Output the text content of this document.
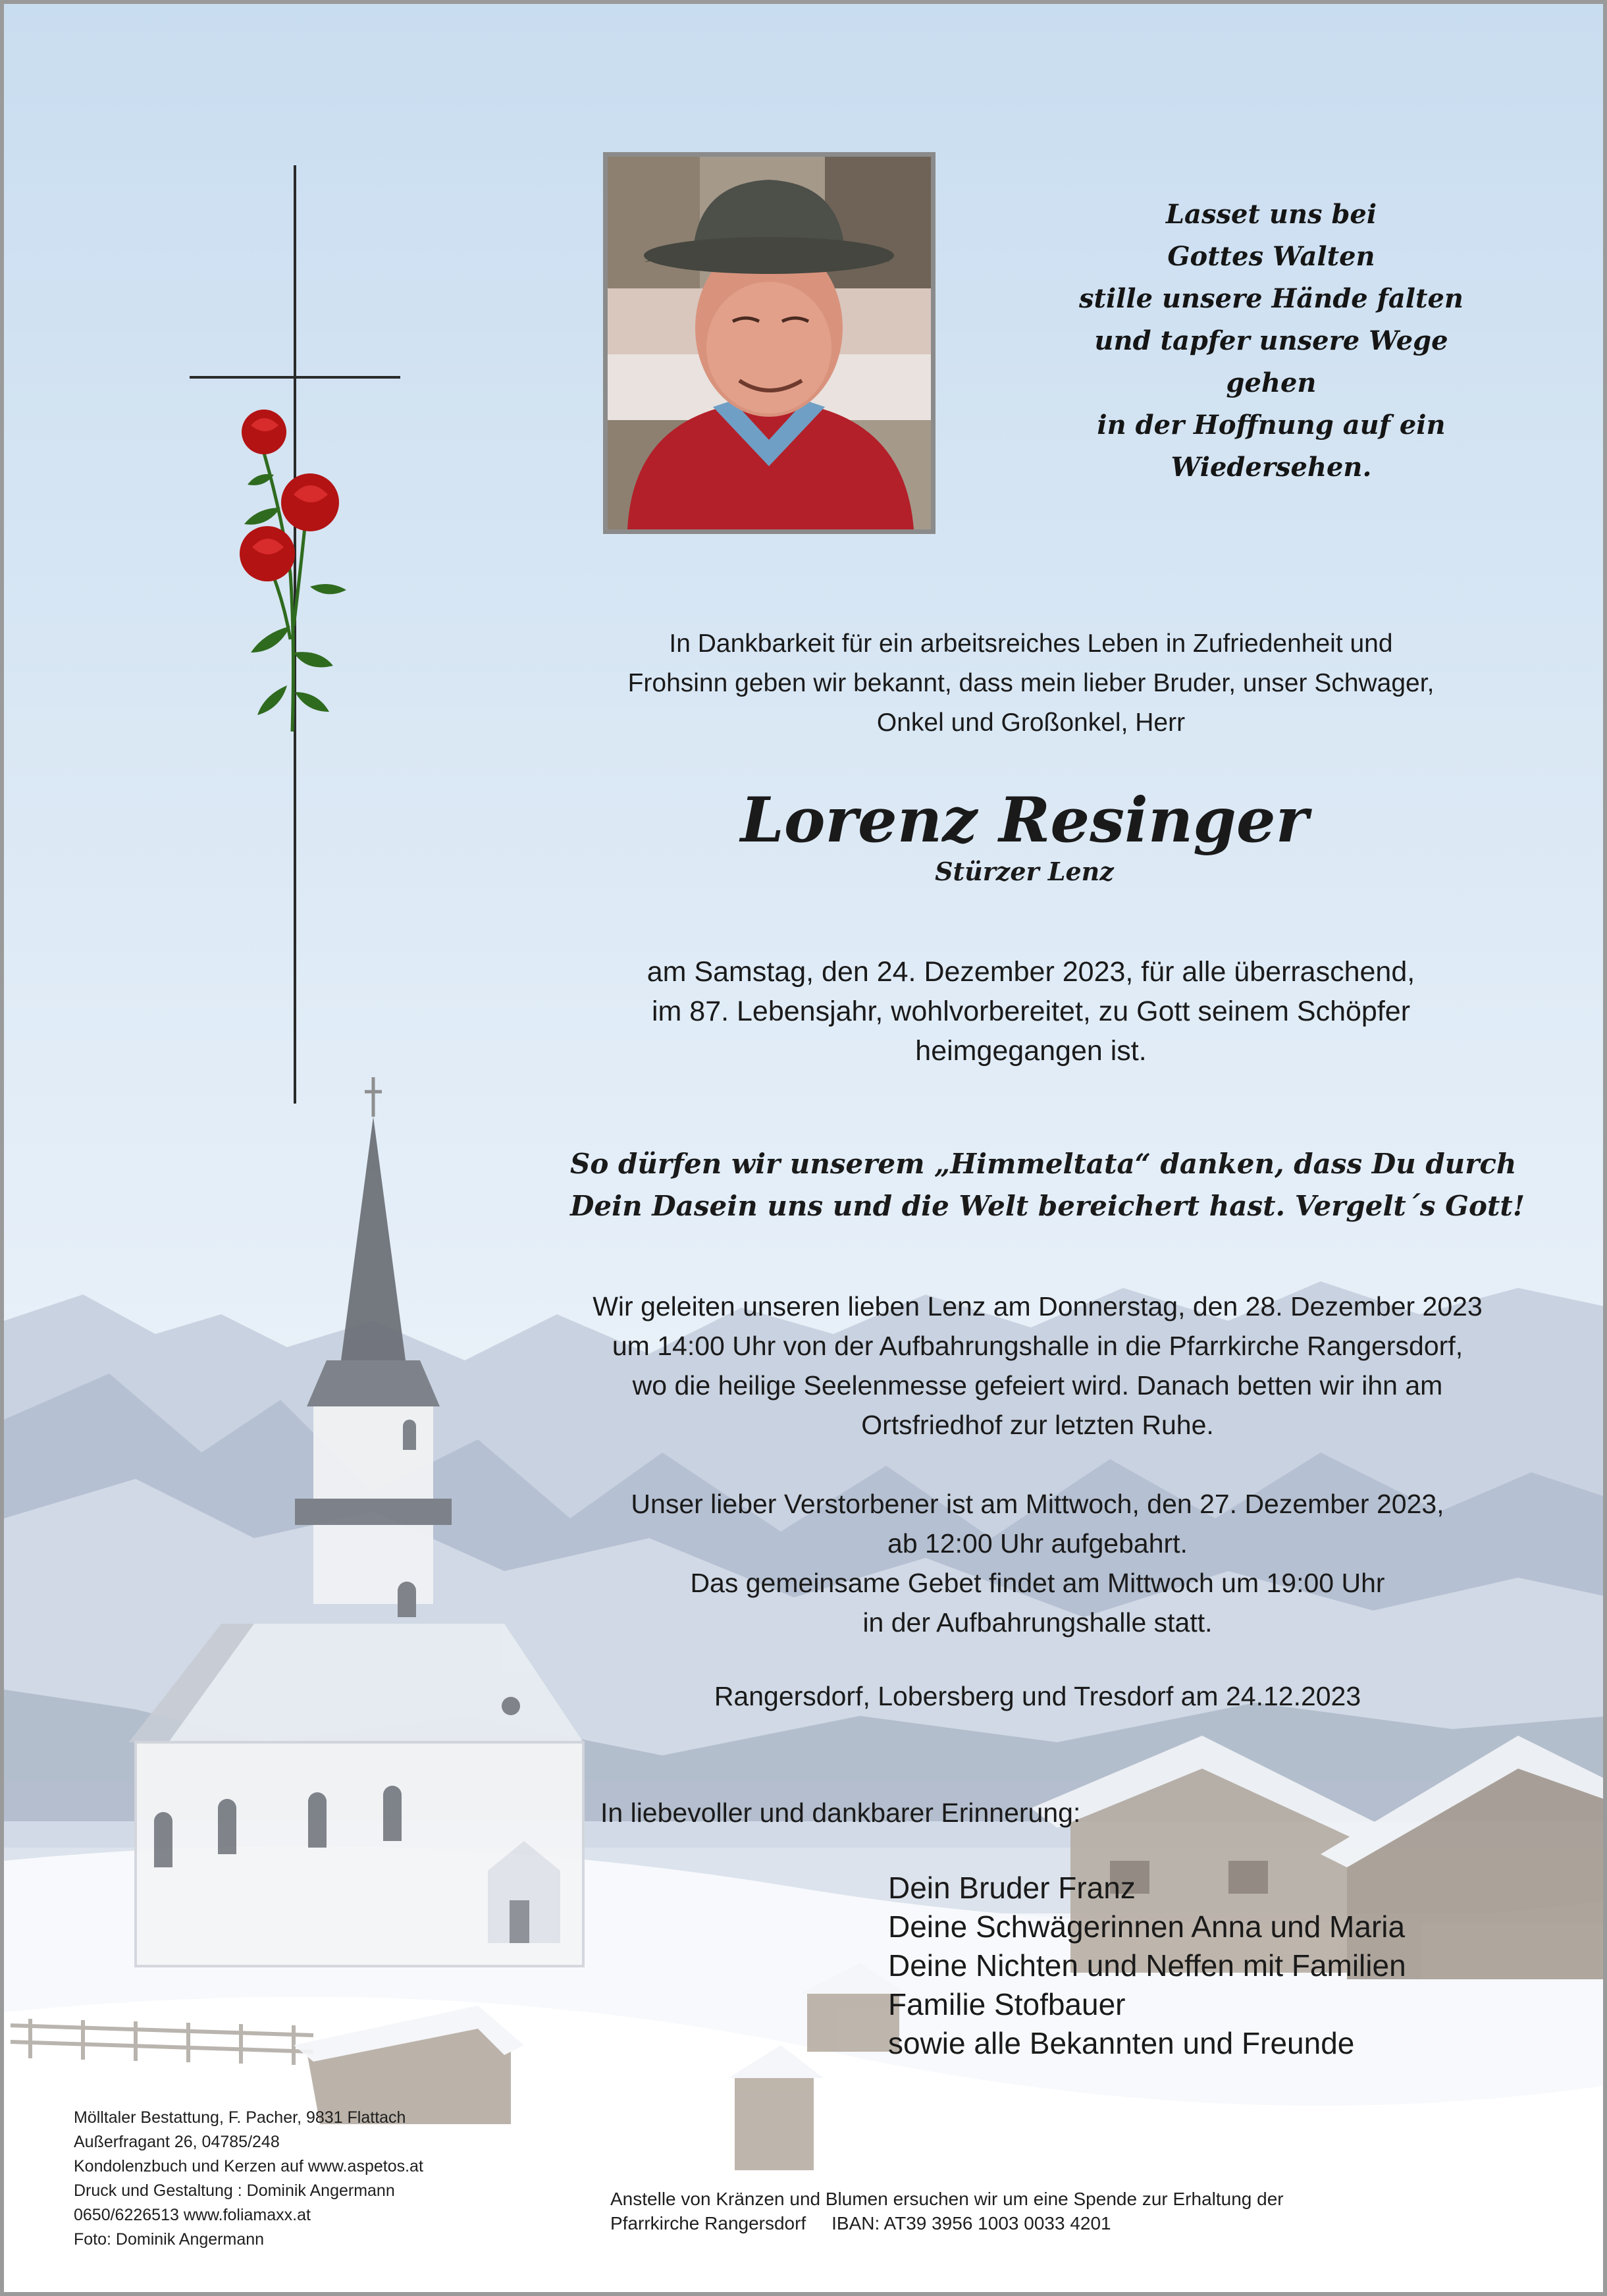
Lasset uns bei
Gottes Walten
stille unsere Hände falten
und tapfer unsere Wege
gehen
in der Hoffnung auf ein
Wiedersehen.
In Dankbarkeit für ein arbeitsreiches Leben in Zufriedenheit und
Frohsinn geben wir bekannt, dass mein lieber Bruder, unser Schwager,
Onkel und Großonkel, Herr
Lorenz Resinger
Stürzer Lenz
am Samstag, den 24. Dezember 2023, für alle überraschend,
im 87. Lebensjahr, wohlvorbereitet, zu Gott seinem Schöpfer
heimgegangen ist.
So dürfen wir unserem „Himmeltata“ danken, dass Du durch
Dein Dasein uns und die Welt bereichert hast. Vergelt´s Gott!
Wir geleiten unseren lieben Lenz am Donnerstag, den 28. Dezember 2023
um 14:00 Uhr von der Aufbahrungshalle in die Pfarrkirche Rangersdorf,
wo die heilige Seelenmesse gefeiert wird. Danach betten wir ihn am
Ortsfriedhof zur letzten Ruhe.
Unser lieber Verstorbener ist am Mittwoch, den 27. Dezember 2023,
ab 12:00 Uhr aufgebahrt.
Das gemeinsame Gebet findet am Mittwoch um 19:00 Uhr
in der Aufbahrungshalle statt.
Rangersdorf, Lobersberg und Tresdorf am 24.12.2023
In liebevoller und dankbarer Erinnerung:
Dein Bruder Franz
Deine Schwägerinnen Anna und Maria
Deine Nichten und Neffen mit Familien
Familie Stofbauer
sowie alle Bekannten und Freunde
Mölltaler Bestattung, F. Pacher, 9831 Flattach
Außerfragant 26, 04785/248
Kondolenzbuch und Kerzen auf www.aspetos.at
Druck und Gestaltung : Dominik Angermann
0650/6226513 www.foliamaxx.at
Foto: Dominik Angermann
Anstelle von Kränzen und Blumen ersuchen wir um eine Spende zur Erhaltung der
Pfarrkirche Rangersdorf     IBAN: AT39 3956 1003 0033 4201
